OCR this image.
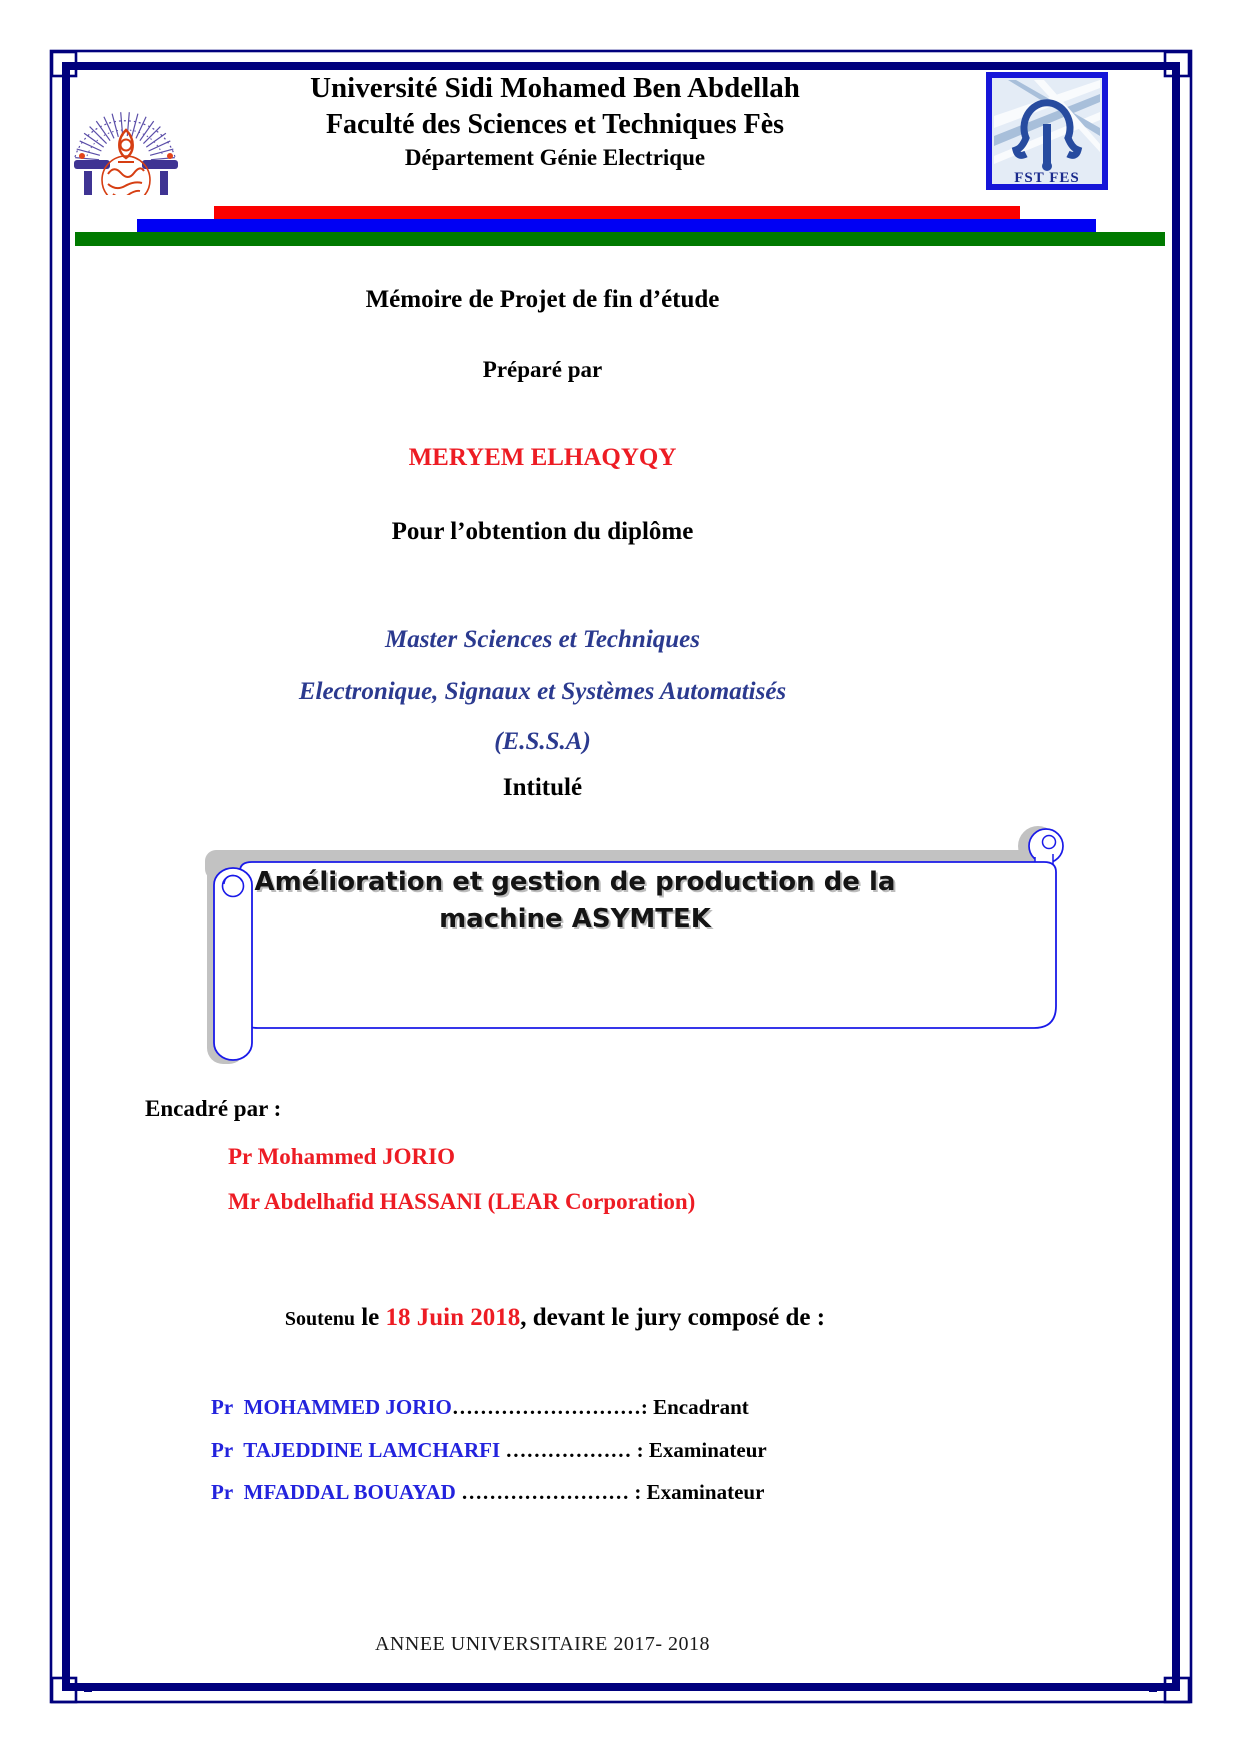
Université Sidi Mohamed Ben Abdellah
Faculté des Sciences et Techniques Fès
Département Génie Electrique
FST FES
Mémoire de Projet de fin d’étude
Préparé par
MERYEM ELHAQYQY
Pour l’obtention du diplôme
Master Sciences et Techniques
Electronique, Signaux et Systèmes Automatisés
(E.S.S.A)
Intitulé
Amélioration et gestion de production de la
machine ASYMTEK
Encadré par :
Pr Mohammed JORIO
Mr Abdelhafid HASSANI (LEAR Corporation)

Soutenu le 18 Juin 2018, devant le jury composé de :

Pr  MOHAMMED JORIO………………………: Encadrant

Pr  TAJEDDINE LAMCHARFI ……………… : Examinateur

Pr  MFADDAL BOUAYAD …………………… : Examinateur

ANNEE UNIVERSITAIRE 2017- 2018
